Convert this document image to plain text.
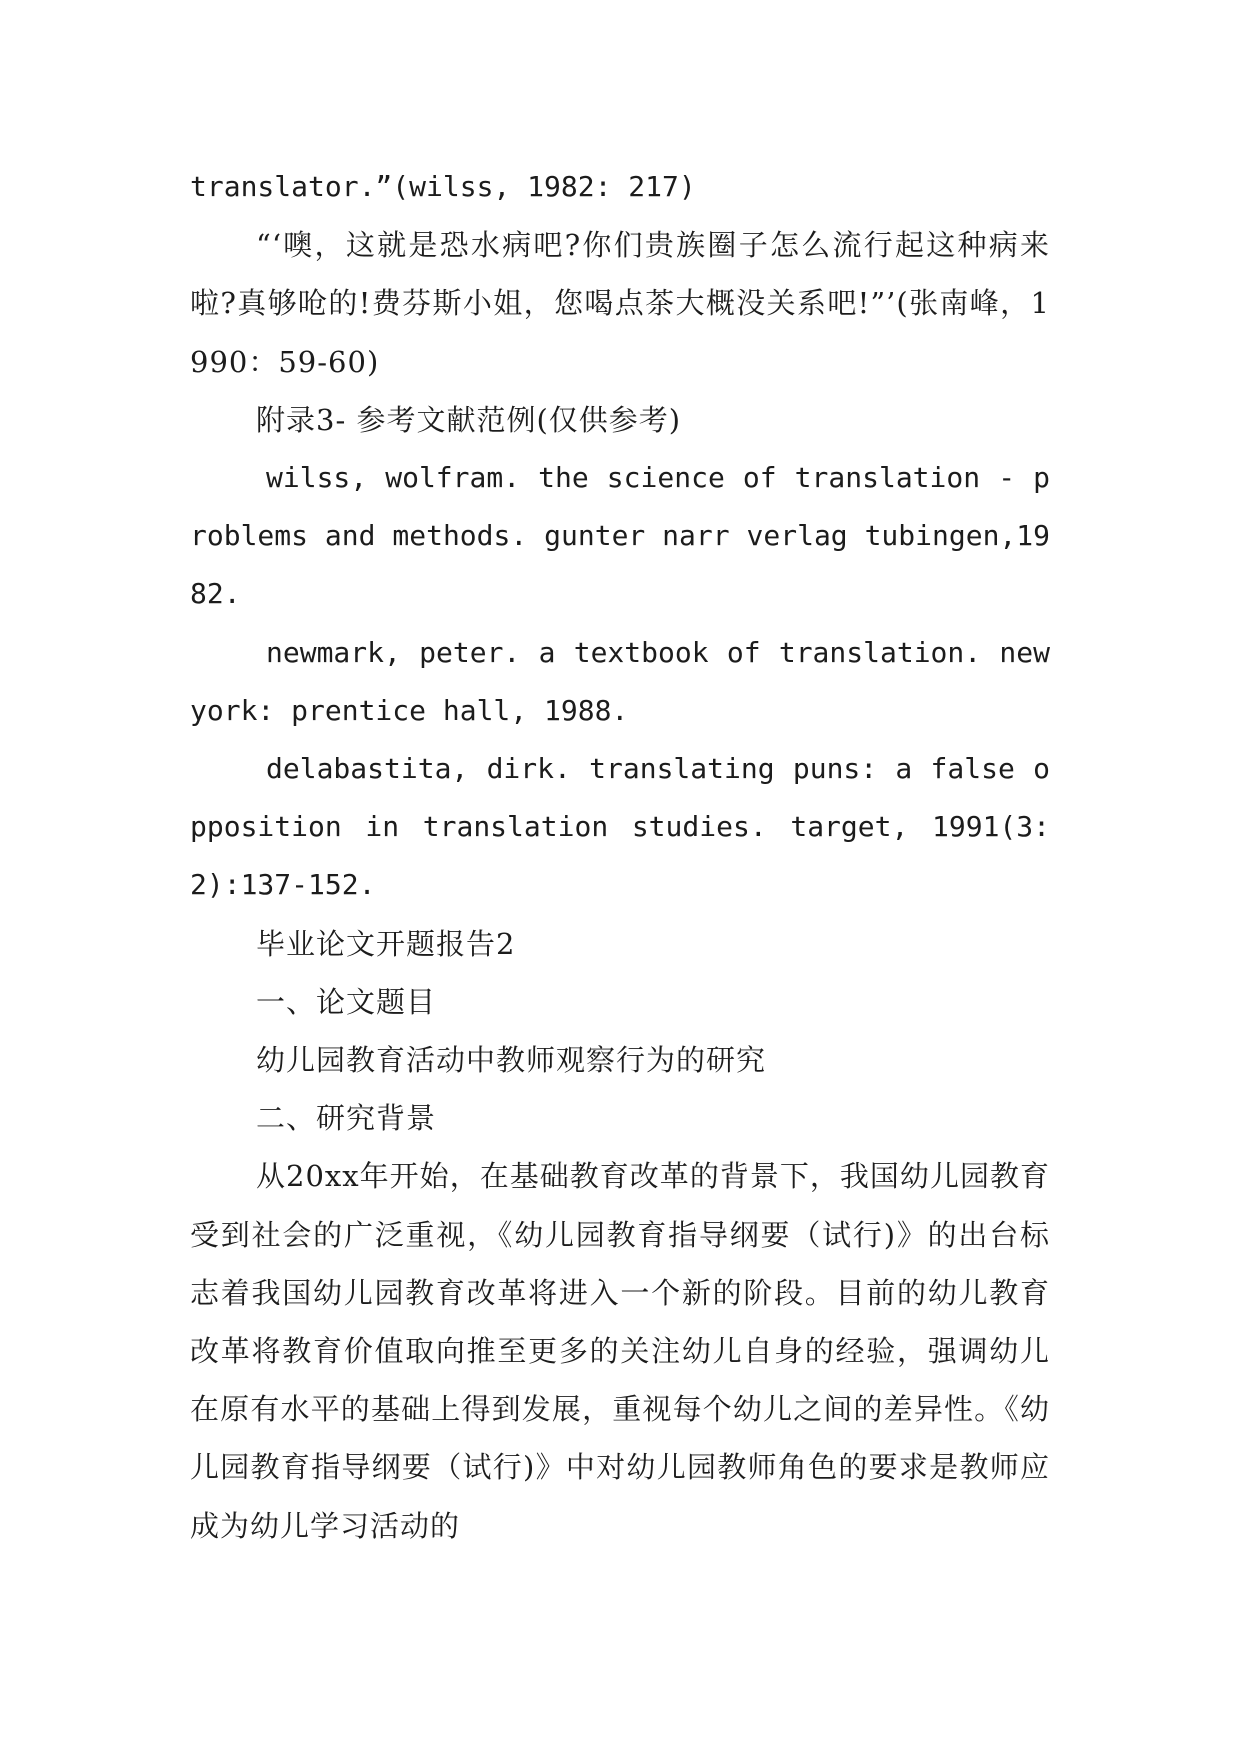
translator.”(wilss, 1982: 217)

“‘噢，这就是恐水病吧?你们贵族圈子怎么流行起这种病来啦?真够呛的!费芬斯小姐，您喝点茶大概没关系吧!”’(张南峰，1990：59-60)

附录3- 参考文献范例(仅供参考)

wilss, wolfram. the science of translation - problems and methods. gunter narr verlag tubingen,1982.

newmark, peter. a textbook of translation. new york: prentice hall, 1988.

delabastita, dirk. translating puns: a false opposition in translation studies. target, 1991(3:2):137-152.

毕业论文开题报告2

一、论文题目

幼儿园教育活动中教师观察行为的研究

二、研究背景

从20xx年开始，在基础教育改革的背景下，我国幼儿园教育受到社会的广泛重视，《幼儿园教育指导纲要（试行)》的出台标志着我国幼儿园教育改革将进入一个新的阶段。目前的幼儿教育改革将教育价值取向推至更多的关注幼儿自身的经验，强调幼儿在原有水平的基础上得到发展，重视每个幼儿之间的差异性。《幼儿园教育指导纲要（试行)》中对幼儿园教师角色的要求是教师应成为幼儿学习活动的
